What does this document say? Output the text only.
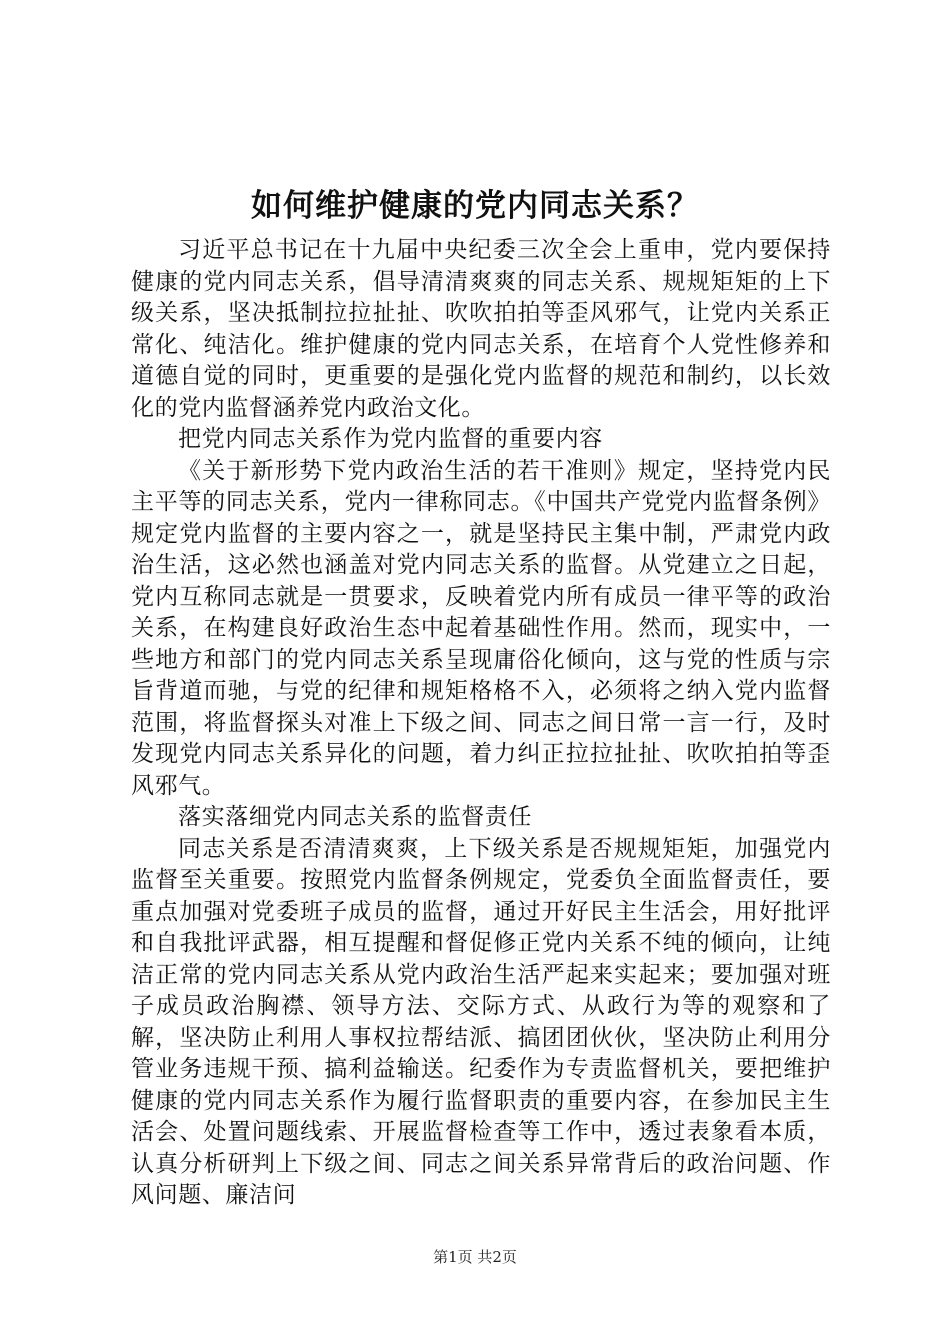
如何维护健康的党内同志关系？

习近平总书记在十九届中央纪委三次全会上重申，党内要保持健康的党内同志关系，倡导清清爽爽的同志关系、规规矩矩的上下级关系，坚决抵制拉拉扯扯、吹吹拍拍等歪风邪气，让党内关系正常化、纯洁化。维护健康的党内同志关系，在培育个人党性修养和道德自觉的同时，更重要的是强化党内监督的规范和制约，以长效化的党内监督涵养党内政治文化。

把党内同志关系作为党内监督的重要内容

《关于新形势下党内政治生活的若干准则》规定，坚持党内民主平等的同志关系，党内一律称同志。《中国共产党党内监督条例》规定党内监督的主要内容之一，就是坚持民主集中制，严肃党内政治生活，这必然也涵盖对党内同志关系的监督。从党建立之日起，党内互称同志就是一贯要求，反映着党内所有成员一律平等的政治关系，在构建良好政治生态中起着基础性作用。然而，现实中，一些地方和部门的党内同志关系呈现庸俗化倾向，这与党的性质与宗旨背道而驰，与党的纪律和规矩格格不入，必须将之纳入党内监督范围，将监督探头对准上下级之间、同志之间日常一言一行，及时发现党内同志关系异化的问题，着力纠正拉拉扯扯、吹吹拍拍等歪风邪气。

落实落细党内同志关系的监督责任

同志关系是否清清爽爽，上下级关系是否规规矩矩，加强党内监督至关重要。按照党内监督条例规定，党委负全面监督责任，要重点加强对党委班子成员的监督，通过开好民主生活会，用好批评和自我批评武器，相互提醒和督促修正党内关系不纯的倾向，让纯洁正常的党内同志关系从党内政治生活严起来实起来；要加强对班子成员政治胸襟、领导方法、交际方式、从政行为等的观察和了解，坚决防止利用人事权拉帮结派、搞团团伙伙，坚决防止利用分管业务违规干预、搞利益输送。纪委作为专责监督机关，要把维护健康的党内同志关系作为履行监督职责的重要内容，在参加民主生活会、处置问题线索、开展监督检查等工作中，透过表象看本质，认真分析研判上下级之间、同志之间关系异常背后的政治问题、作风问题、廉洁问

第1页 共2页
